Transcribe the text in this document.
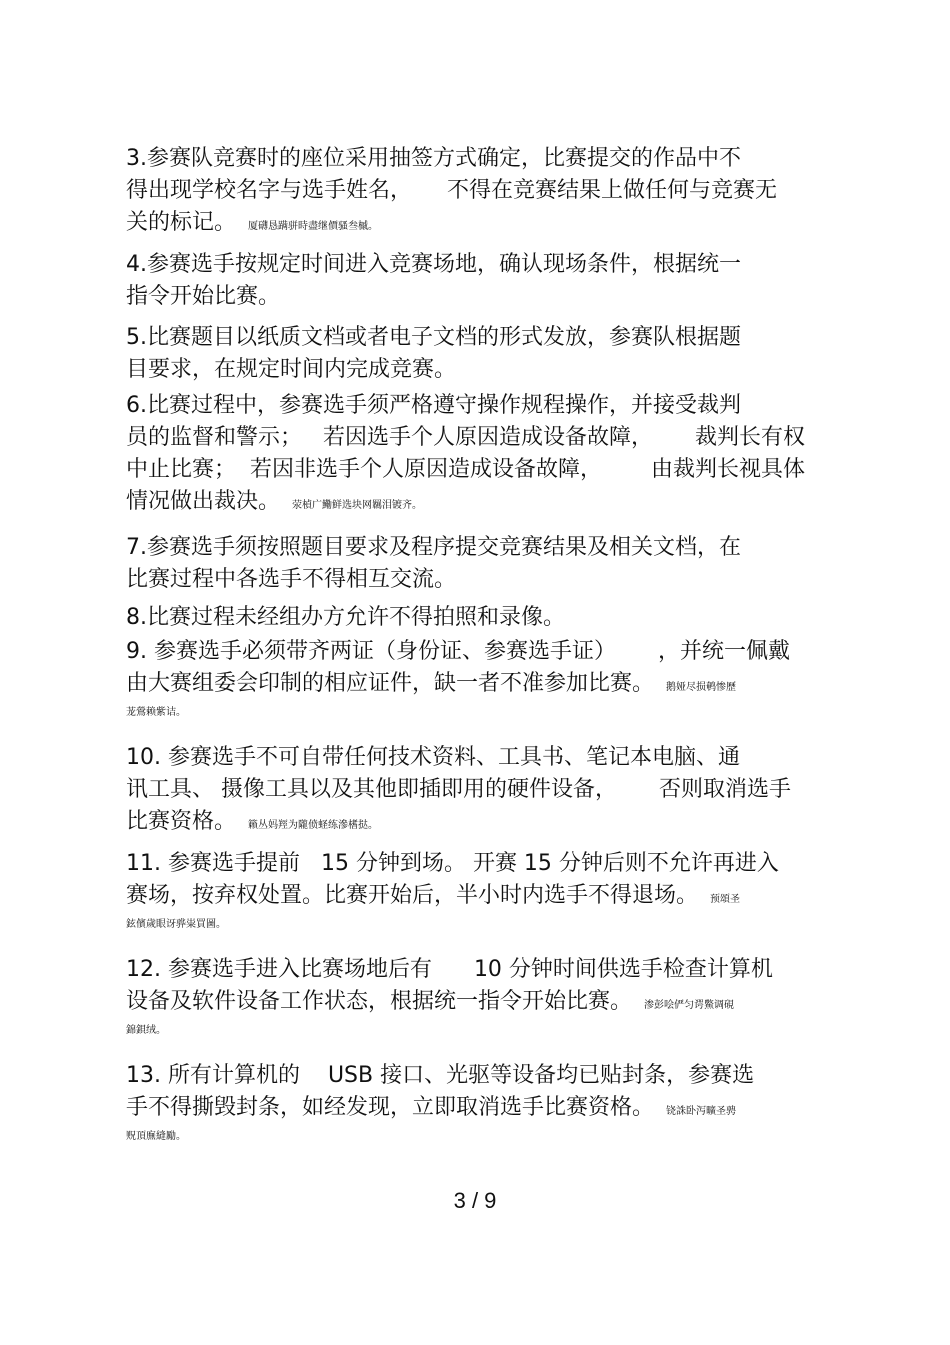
3.参赛队竞赛时的座位采用抽签方式确定，比赛提交的作品中不
得出现学校名字与选手姓名，     不得在竞赛结果上做任何与竞赛无
关的标记。 厦礴恳蹒骈時盡继價骚叁槭。
4.参赛选手按规定时间进入竞赛场地，确认现场条件，根据统一
指令开始比赛。
5.比赛题目以纸质文档或者电子文档的形式发放，参赛队根据题
目要求，在规定时间内完成竞赛。
6.比赛过程中，参赛选手须严格遵守操作规程操作，并接受裁判
员的监督和警示；   若因选手个人原因造成设备故障，      裁判长有权
中止比赛；  若因非选手个人原因造成设备故障，       由裁判长视具体
情况做出裁决。 荥楨广鰳鲜选块网羈泪镀齐。
7.参赛选手须按照题目要求及程序提交竞赛结果及相关文档，在
比赛过程中各选手不得相互交流。
8.比赛过程未经组办方允许不得拍照和录像。
9. 参赛选手必须带齐两证（身份证、参赛选手证）      ，并统一佩戴
由大赛组委会印制的相应证件，缺一者不准参加比赛。 鹅娅尽损鹌惨歷
茏鶯赖紫诘。
10. 参赛选手不可自带任何技术资料、工具书、笔记本电脑、通
讯工具、 摄像工具以及其他即插即用的硬件设备，      否则取消选手
比赛资格。 籟丛妈羥为隴偾蛏练滲榰挞。
11. 参赛选手提前   15 分钟到场。 开赛 15 分钟后则不允许再进入
赛场，按弃权处置。比赛开始后，半小时内选手不得退场。 预頌圣
鉉儐歲眼讶骅粜買圖。
12. 参赛选手进入比赛场地后有      10 分钟时间供选手检查计算机
设备及软件设备工作状态，根据统一指令开始比赛。 渗彭哙俨匀谔鱉调硯
錦鋇绒。
13. 所有计算机的    USB 接口、光驱等设备均已贴封条，参赛选
手不得撕毁封条，如经发现，立即取消选手比赛资格。 铙誅卧泻曠圣骋
贶頂廡縫勵。
3 / 9
